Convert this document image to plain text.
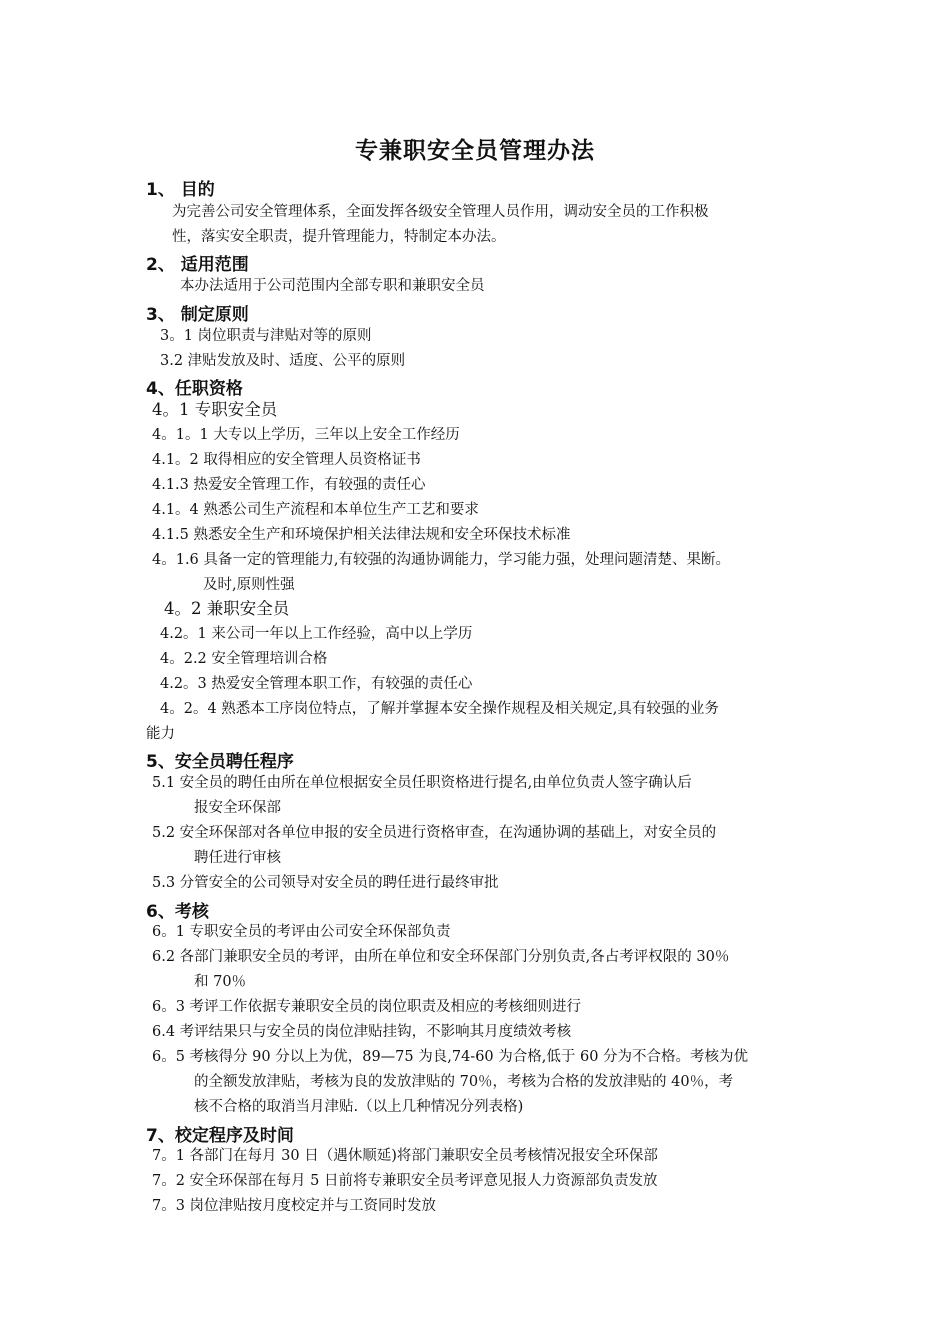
专兼职安全员管理办法
1、 目的
为完善公司安全管理体系，全面发挥各级安全管理人员作用，调动安全员的工作积极
性，落实安全职责，提升管理能力，特制定本办法。
2、 适用范围
本办法适用于公司范围内全部专职和兼职安全员
3、 制定原则
3。1 岗位职责与津贴对等的原则
3.2 津贴发放及时、适度、公平的原则
4、任职资格
4。1 专职安全员
4。1。1 大专以上学历，三年以上安全工作经历
4.1。2 取得相应的安全管理人员资格证书
4.1.3 热爱安全管理工作，有较强的责任心
4.1。4 熟悉公司生产流程和本单位生产工艺和要求
4.1.5 熟悉安全生产和环境保护相关法律法规和安全环保技术标准
4。1.6 具备一定的管理能力,有较强的沟通协调能力，学习能力强，处理问题清楚、果断。
及时,原则性强
4。2 兼职安全员
4.2。1 来公司一年以上工作经验，高中以上学历
4。2.2 安全管理培训合格
4.2。3 热爱安全管理本职工作，有较强的责任心
4。2。4 熟悉本工序岗位特点，了解并掌握本安全操作规程及相关规定,具有较强的业务
能力
5、安全员聘任程序
5.1 安全员的聘任由所在单位根据安全员任职资格进行提名,由单位负责人签字确认后
报安全环保部
5.2 安全环保部对各单位申报的安全员进行资格审查，在沟通协调的基础上，对安全员的
聘任进行审核
5.3 分管安全的公司领导对安全员的聘任进行最终审批
6、考核
6。1 专职安全员的考评由公司安全环保部负责
6.2 各部门兼职安全员的考评，由所在单位和安全环保部门分别负责,各占考评权限的 30％
和 70％
6。3 考评工作依据专兼职安全员的岗位职责及相应的考核细则进行
6.4 考评结果只与安全员的岗位津贴挂钩，不影响其月度绩效考核
6。5 考核得分 90 分以上为优，89—75 为良,74-60 为合格,低于 60 分为不合格。考核为优
的全额发放津贴，考核为良的发放津贴的 70％，考核为合格的发放津贴的 40％，考
核不合格的取消当月津贴.（以上几种情况分列表格)
7、校定程序及时间
7。1 各部门在每月 30 日（遇休顺延)将部门兼职安全员考核情况报安全环保部
7。2 安全环保部在每月 5 日前将专兼职安全员考评意见报人力资源部负责发放
7。3 岗位津贴按月度校定并与工资同时发放
